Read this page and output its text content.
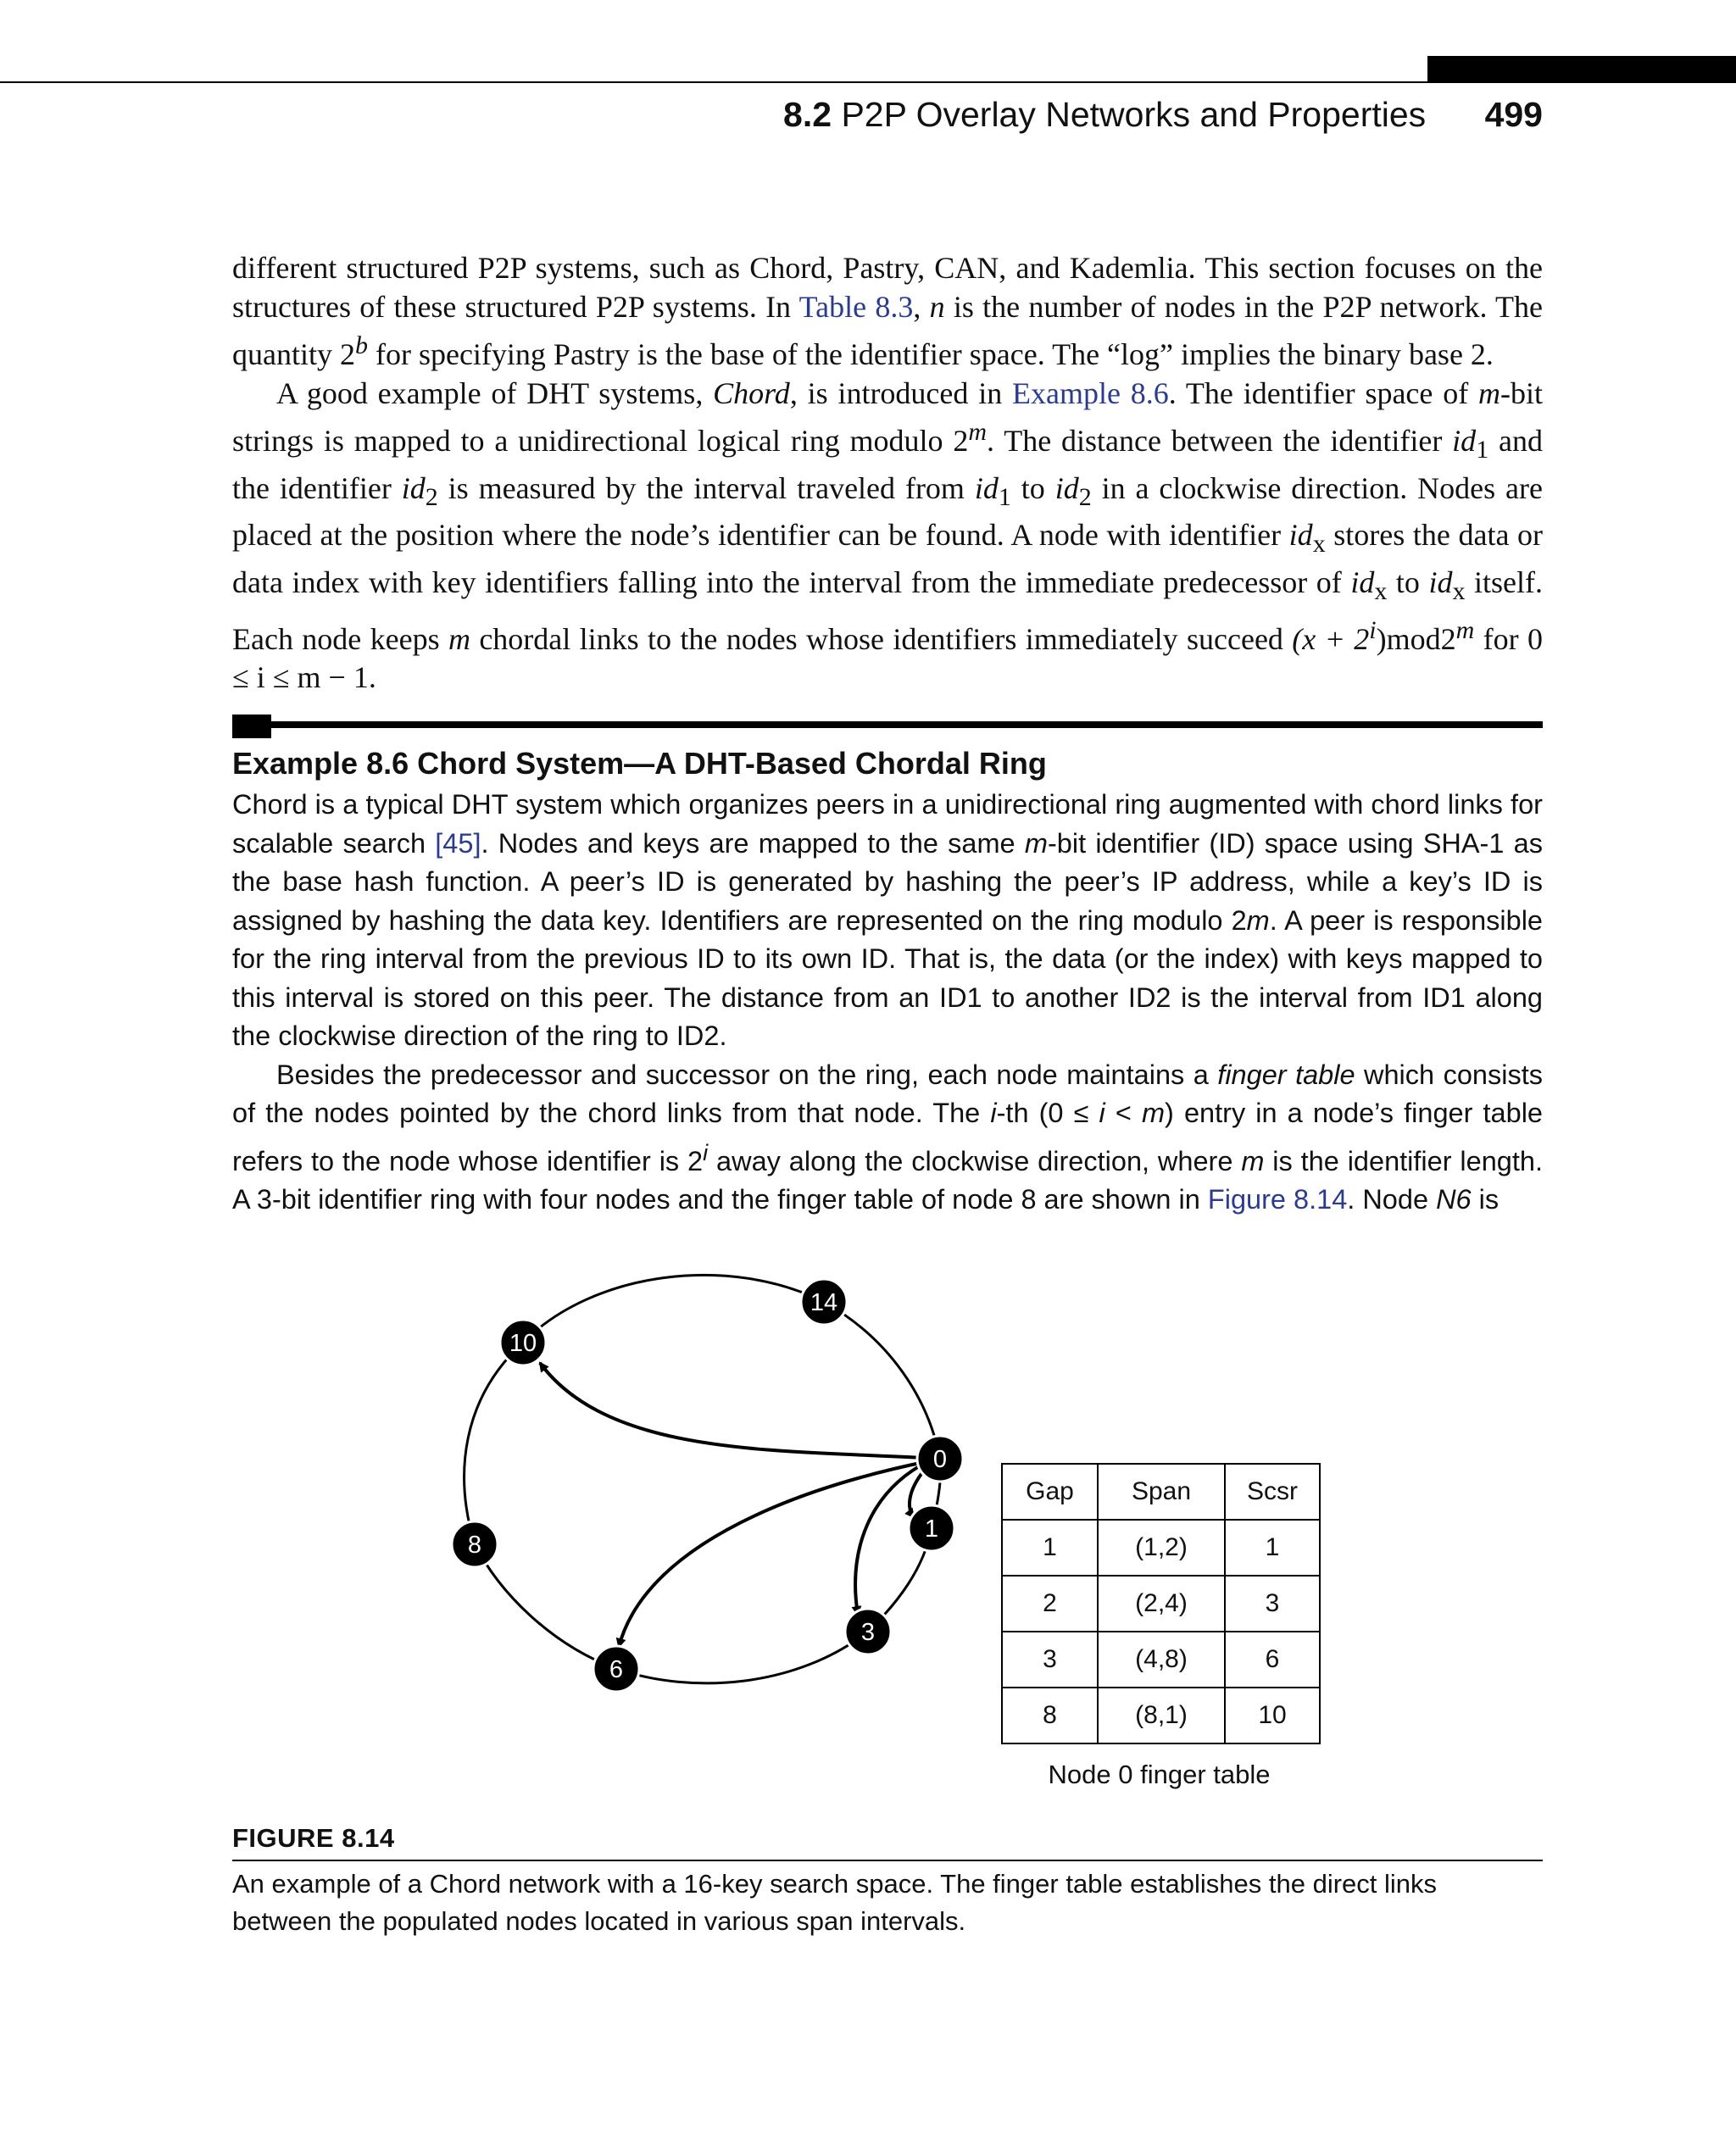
8.2 P2P Overlay Networks and Properties 499

different structured P2P systems, such as Chord, Pastry, CAN, and Kademlia. This section focuses on the structures of these structured P2P systems. In Table 8.3, n is the number of nodes in the P2P network. The quantity 2$^b$ for specifying Pastry is the base of the identifier space. The “log” implies the binary base 2.

A good example of DHT systems, Chord, is introduced in Example 8.6. The identifier space of m-bit strings is mapped to a unidirectional logical ring modulo 2$^m$. The distance between the identifier $id_1$ and the identifier $id_2$ is measured by the interval traveled from $id_1$ to $id_2$ in a clockwise direction. Nodes are placed at the position where the node’s identifier can be found. A node with identifier $id_x$ stores the data or data index with key identifiers falling into the interval from the immediate predecessor of $id_x$ to $id_x$ itself. Each node keeps m chordal links to the nodes whose identifiers immediately succeed $(x + 2^i)mod2^m$ for 0 ≤ i ≤ m − 1.

Example 8.6 Chord System—A DHT-Based Chordal Ring

Chord is a typical DHT system which organizes peers in a unidirectional ring augmented with chord links for scalable search [45]. Nodes and keys are mapped to the same m-bit identifier (ID) space using SHA-1 as the base hash function. A peer’s ID is generated by hashing the peer’s IP address, while a key’s ID is assigned by hashing the data key. Identifiers are represented on the ring modulo 2m. A peer is responsible for the ring interval from the previous ID to its own ID. That is, the data (or the index) with keys mapped to this interval is stored on this peer. The distance from an ID1 to another ID2 is the interval from ID1 along the clockwise direction of the ring to ID2.

Besides the predecessor and successor on the ring, each node maintains a finger table which consists of the nodes pointed by the chord links from that node. The i-th (0 ≤ i < m) entry in a node’s finger table refers to the node whose identifier is 2$^i$ away along the clockwise direction, where m is the identifier length. A 3-bit identifier ring with four nodes and the finger table of node 8 are shown in Figure 8.14. Node N6 is

14
10
0
1
8
3
6
Gap	Span	Scsr
1	(1,2)	1
2	(2,4)	3
3	(4,8)	6
8	(8,1)	10
Node 0 finger table
FIGURE 8.14
An example of a Chord network with a 16-key search space. The finger table establishes the direct links between the populated nodes located in various span intervals.
